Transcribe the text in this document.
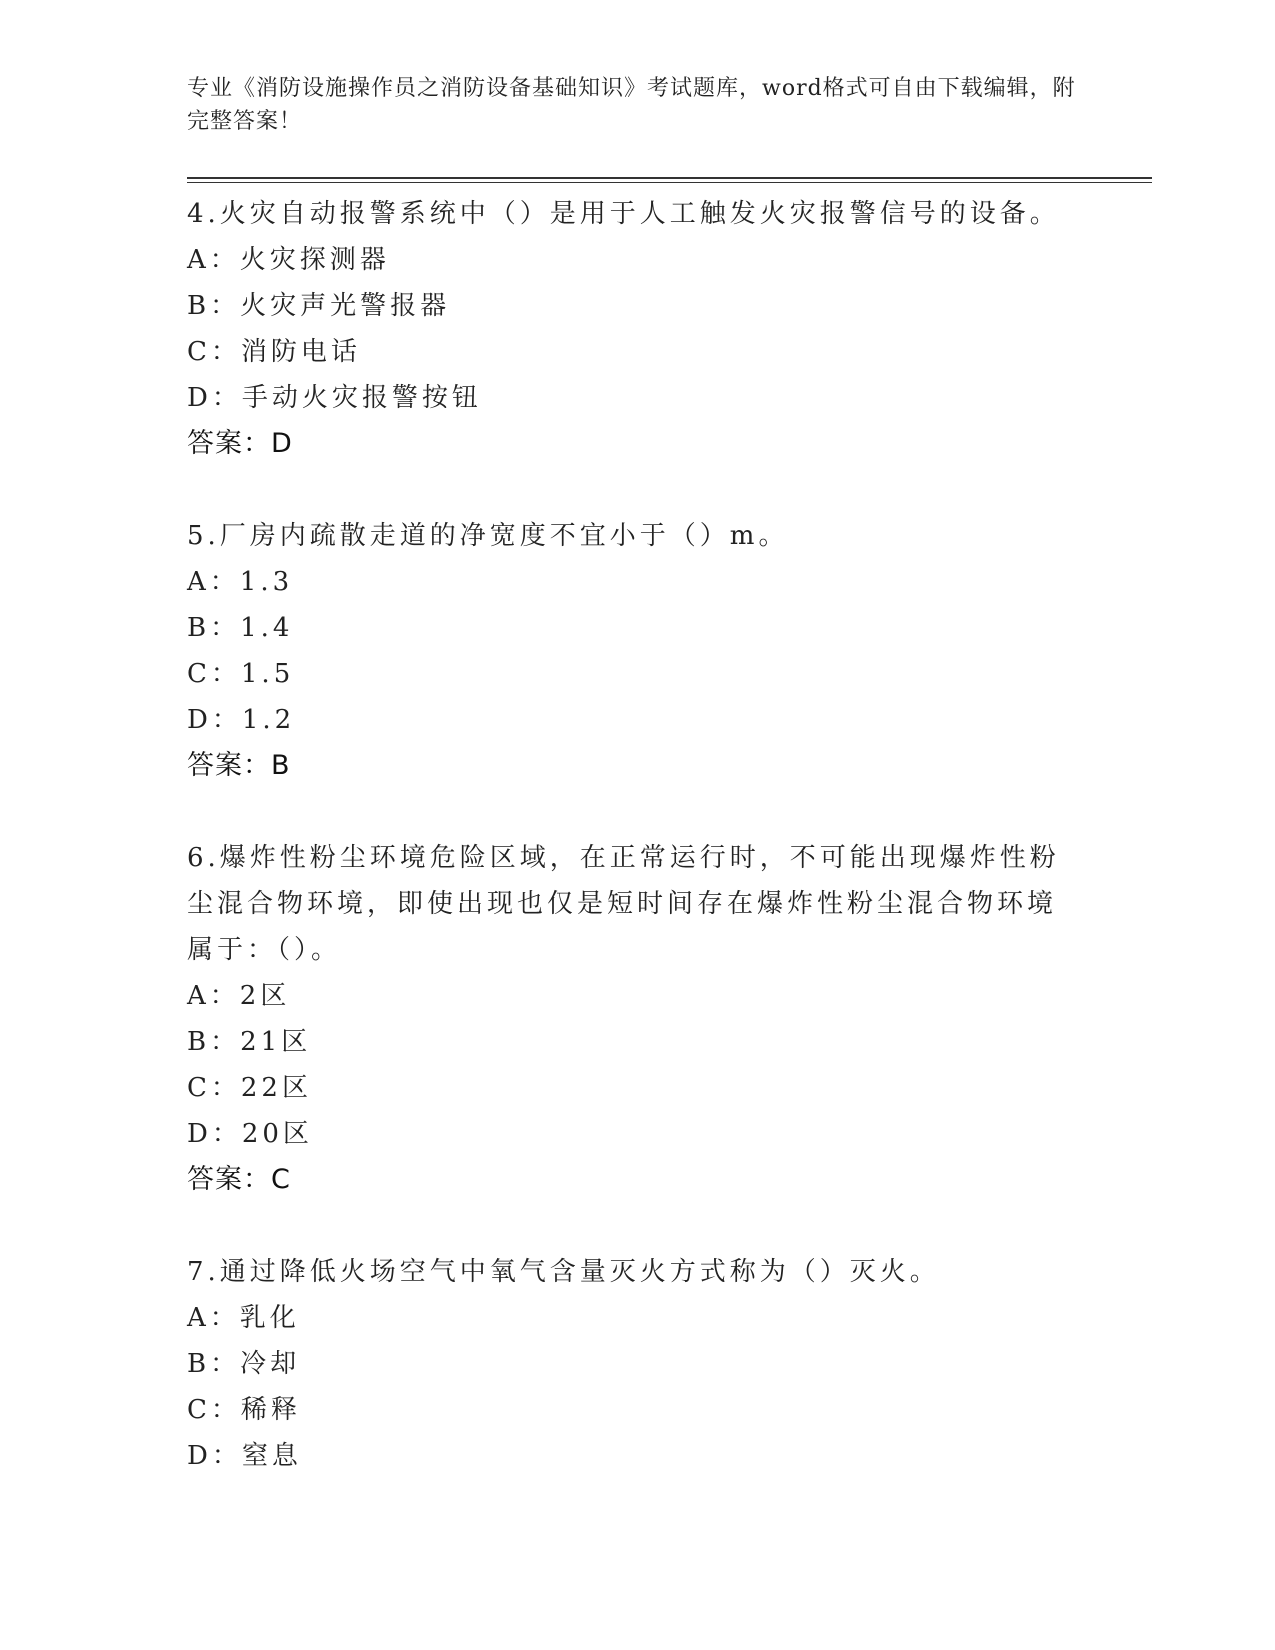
专业《消防设施操作员之消防设备基础知识》考试题库，word格式可自由下载编辑，附完整答案！
4.火灾自动报警系统中（）是用于人工触发火灾报警信号的设备。
A：火灾探测器
B：火灾声光警报器
C：消防电话
D：手动火灾报警按钮
答案：D
5.厂房内疏散走道的净宽度不宜小于（）m。
A：1.3
B：1.4
C：1.5
D：1.2
答案：B
6.爆炸性粉尘环境危险区域，在正常运行时，不可能出现爆炸性粉尘混合物环境，即使出现也仅是短时间存在爆炸性粉尘混合物环境属于：（）。
A：2区
B：21区
C：22区
D：20区
答案：C
7.通过降低火场空气中氧气含量灭火方式称为（）灭火。
A：乳化
B：冷却
C：稀释
D：窒息
